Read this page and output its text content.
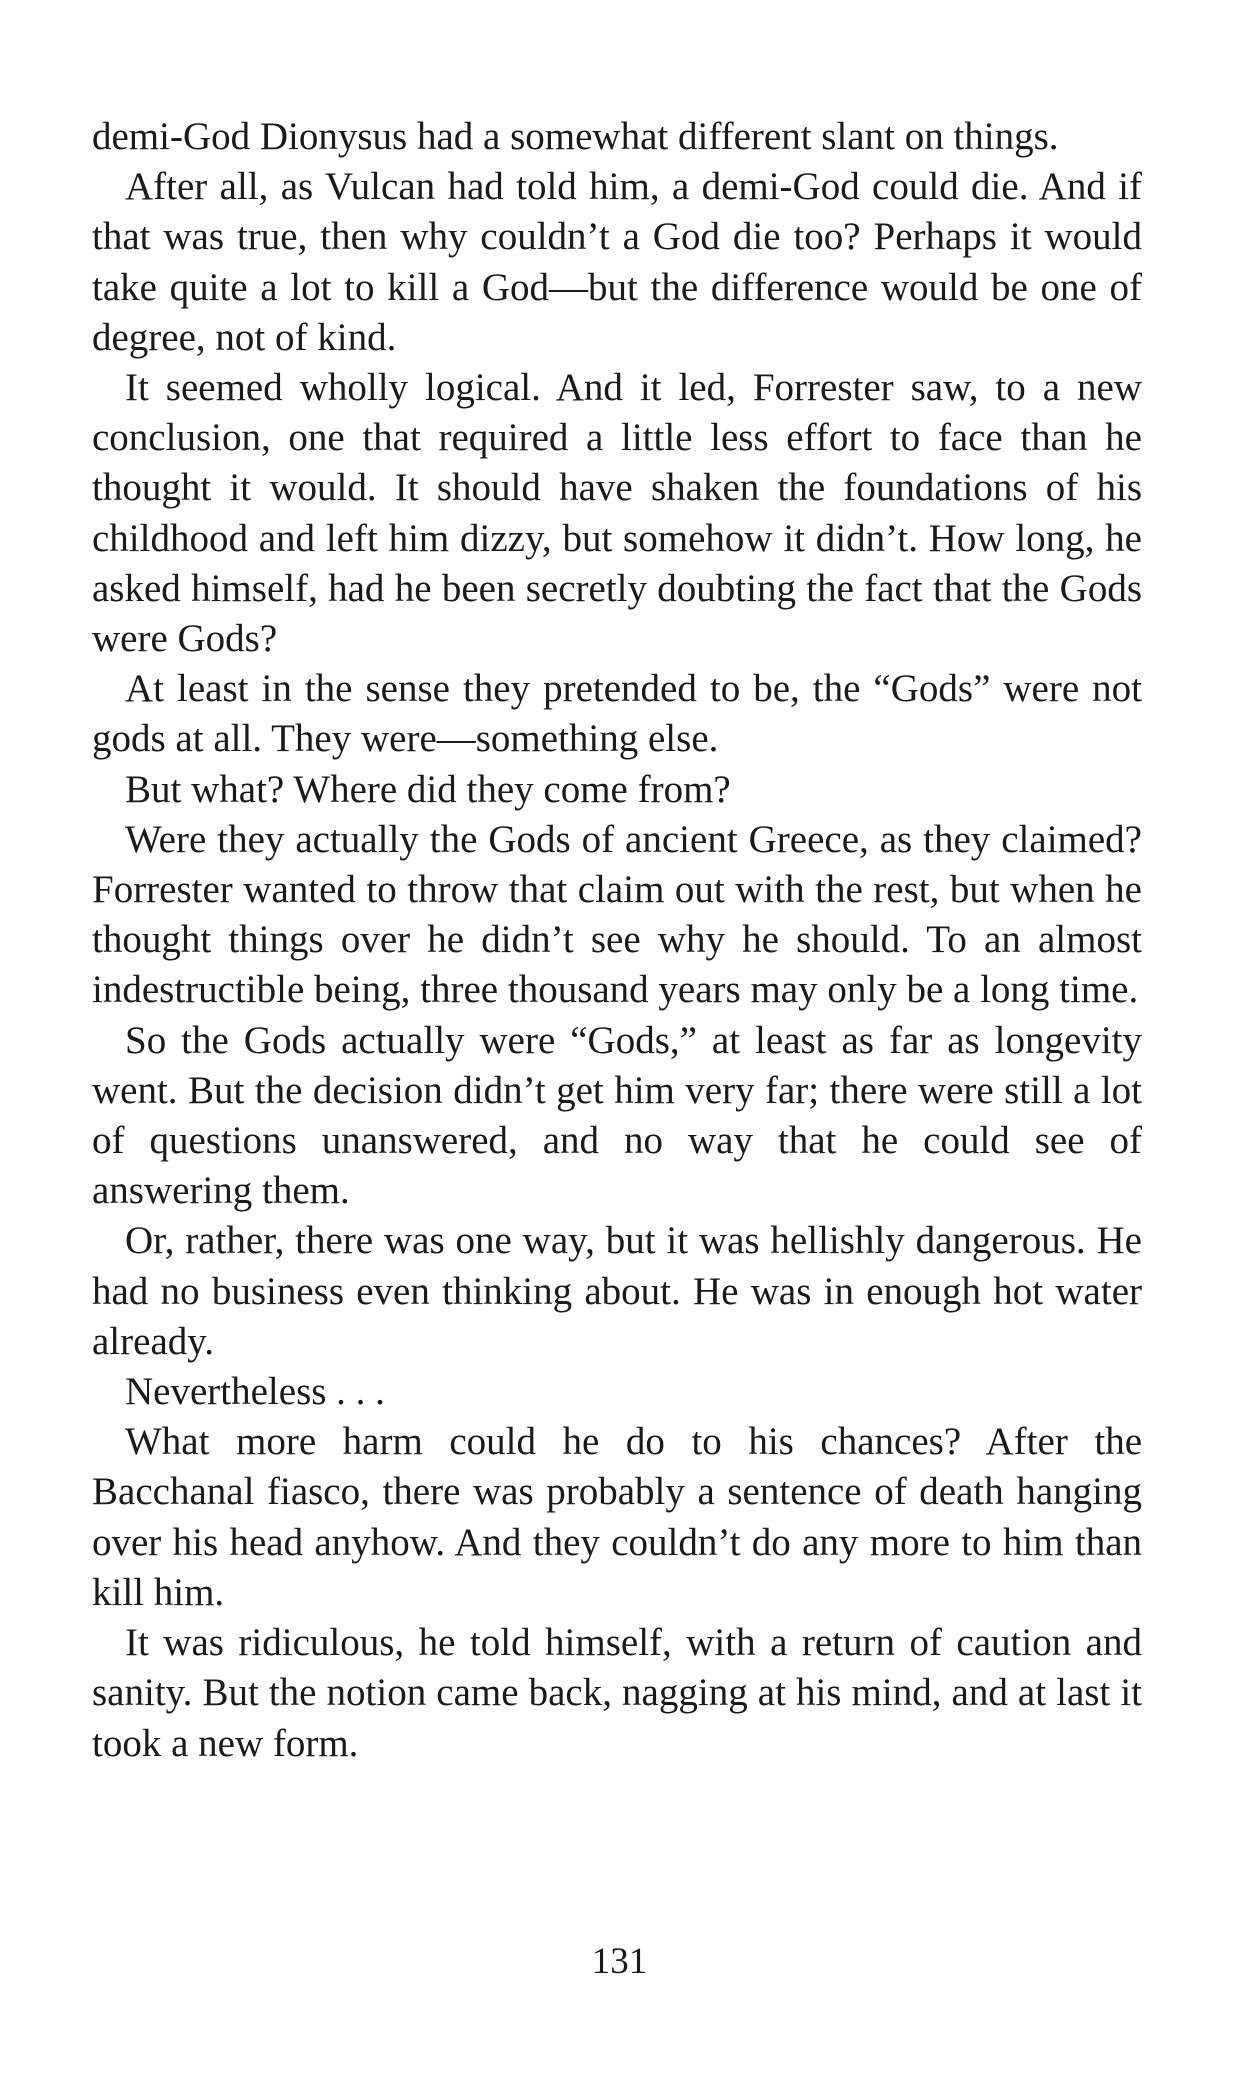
demi-God Dionysus had a somewhat different slant on things.

After all, as Vulcan had told him, a demi-God could die. And if that was true, then why couldn’t a God die too? Perhaps it would take quite a lot to kill a God—but the difference would be one of degree, not of kind.

It seemed wholly logical. And it led, Forrester saw, to a new conclusion, one that required a little less effort to face than he thought it would. It should have shaken the foundations of his childhood and left him dizzy, but somehow it didn’t. How long, he asked himself, had he been secretly doubting the fact that the Gods were Gods?

At least in the sense they pretended to be, the “Gods” were not gods at all. They were—something else.

But what? Where did they come from?

Were they actually the Gods of ancient Greece, as they claimed? Forrester wanted to throw that claim out with the rest, but when he thought things over he didn’t see why he should. To an almost indestructible being, three thousand years may only be a long time.

So the Gods actually were “Gods,” at least as far as longevity went. But the decision didn’t get him very far; there were still a lot of questions unanswered, and no way that he could see of answering them.

Or, rather, there was one way, but it was hellishly dangerous. He had no business even thinking about. He was in enough hot water already.

Nevertheless . . .

What more harm could he do to his chances? After the Bacchanal fiasco, there was probably a sentence of death hanging over his head anyhow. And they couldn’t do any more to him than kill him.

It was ridiculous, he told himself, with a return of caution and sanity. But the notion came back, nagging at his mind, and at last it took a new form.

131
